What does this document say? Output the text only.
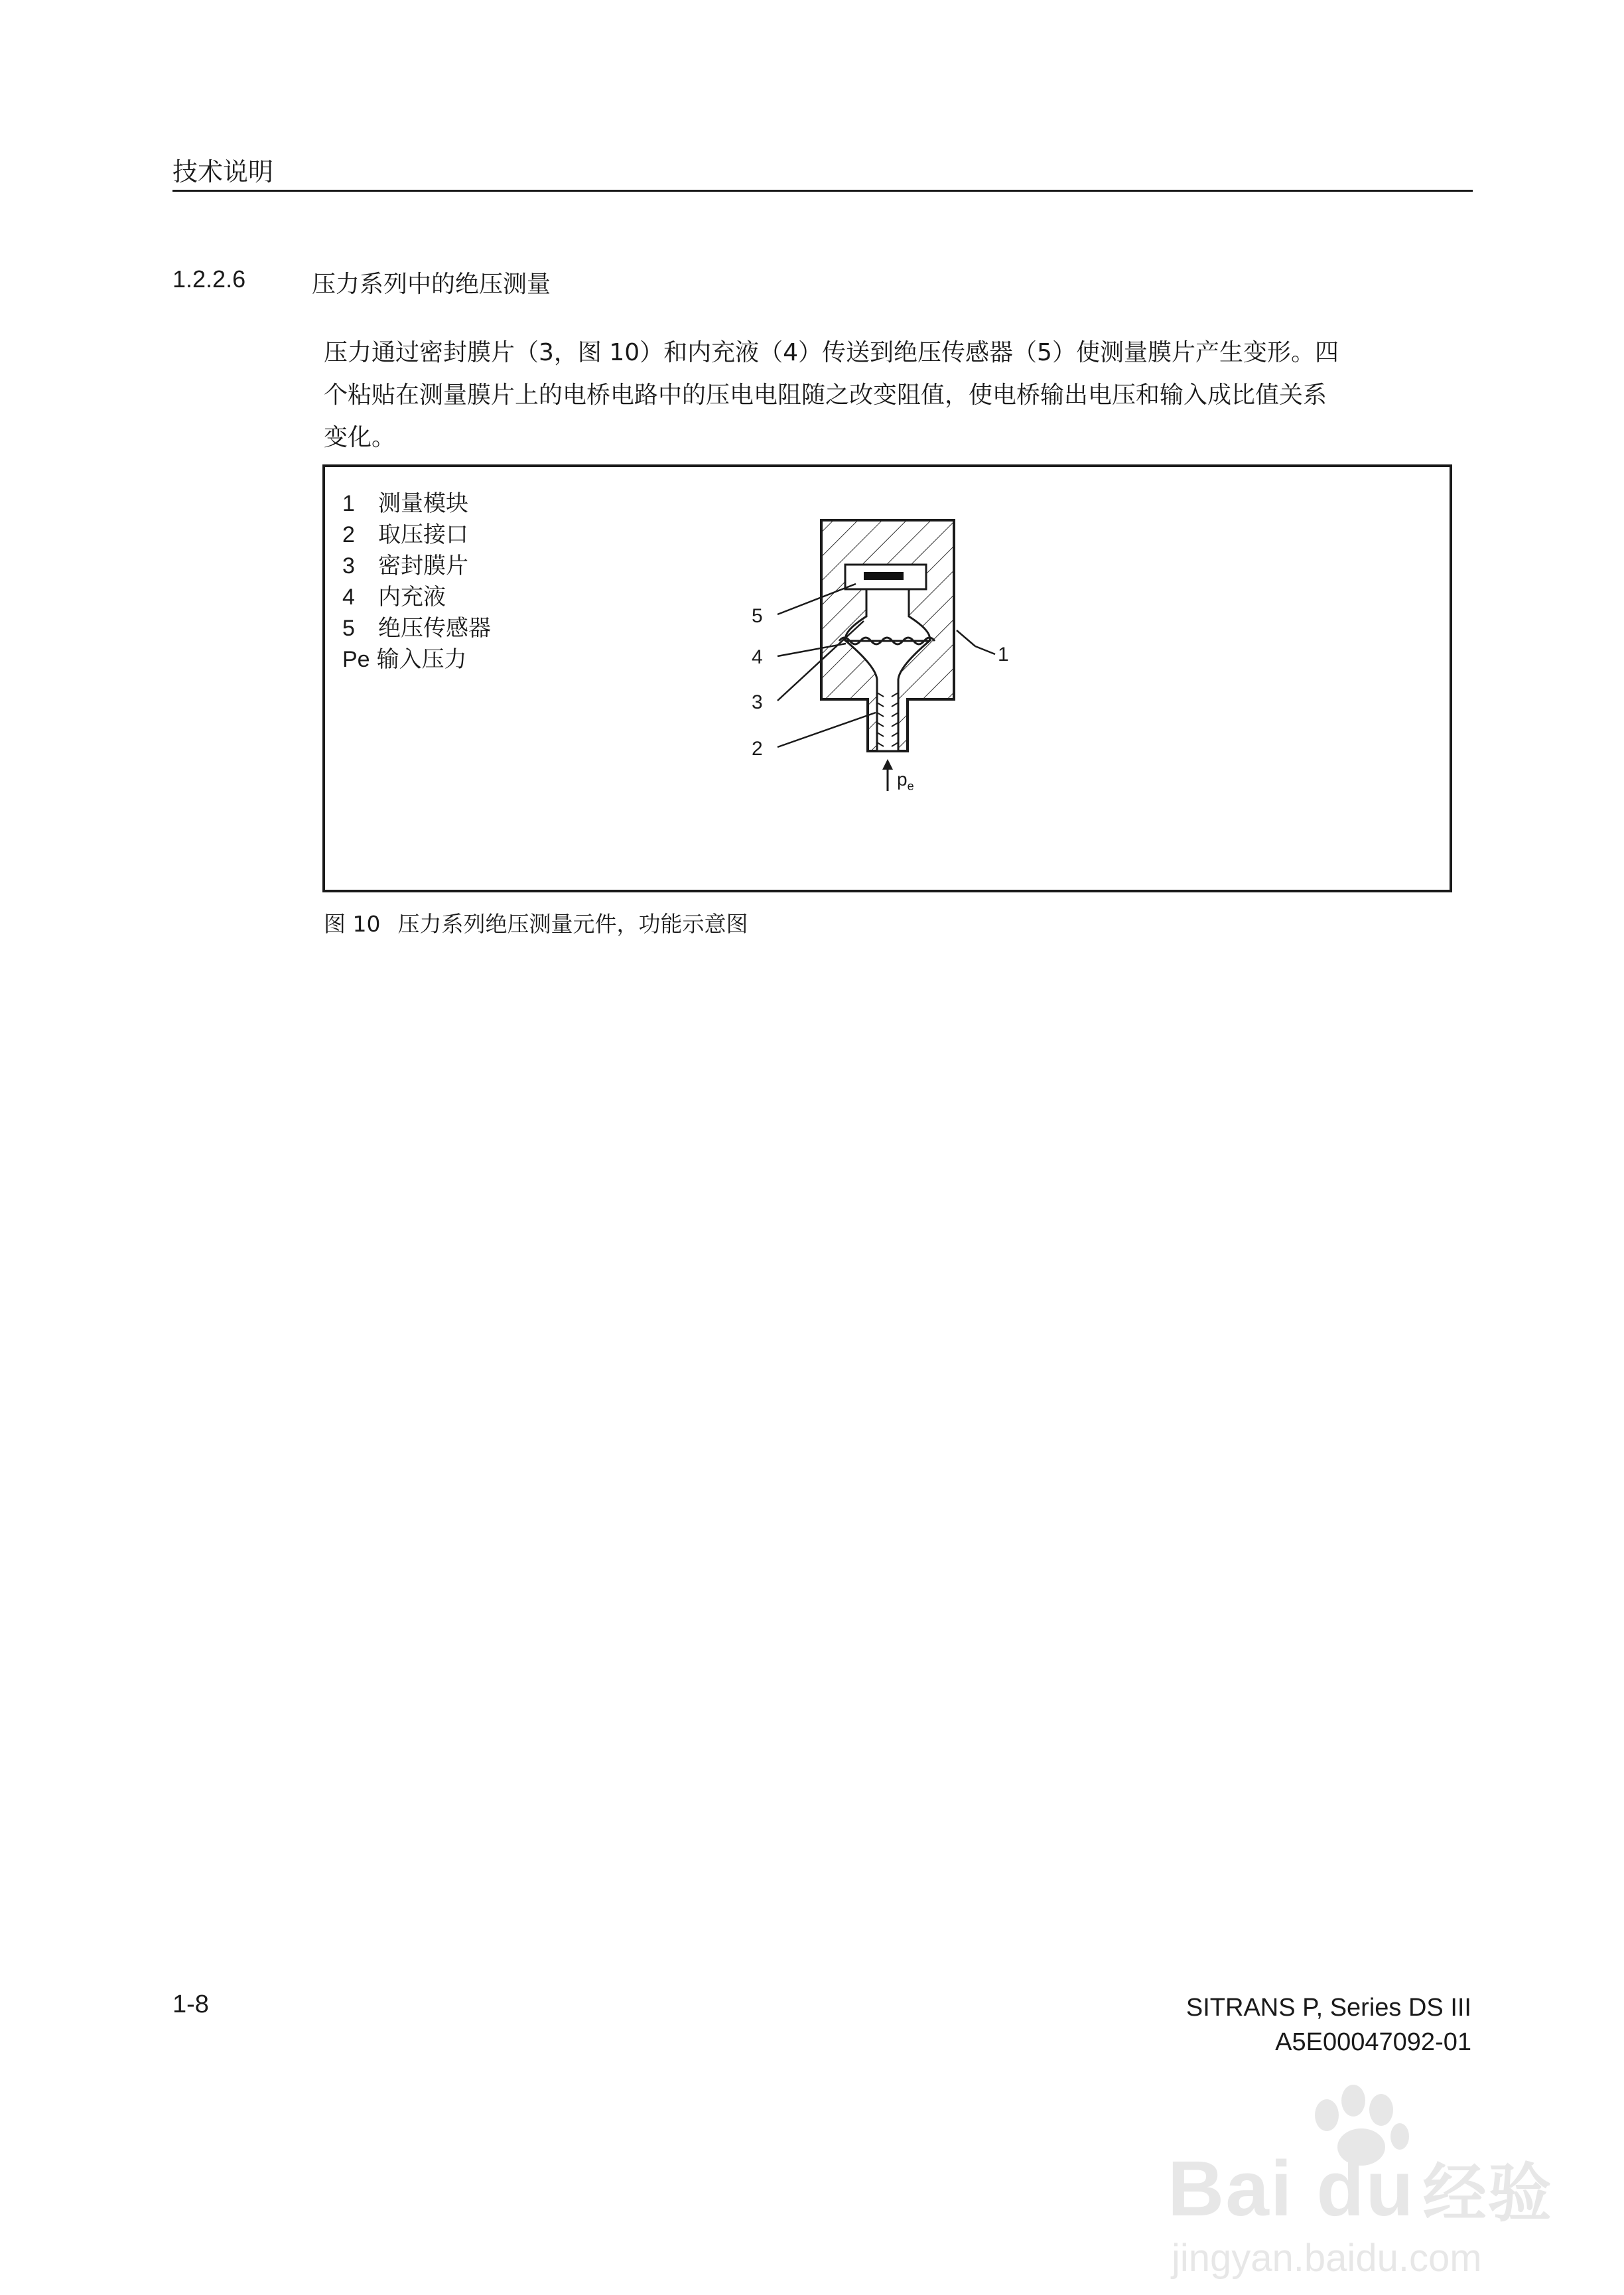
技术说明
1.2.2.6	压力系列中的绝压测量
压力通过密封膜片（3，图 10）和内充液（4）传送到绝压传感器（5）使测量膜片产生变形。四
个粘贴在测量膜片上的电桥电路中的压电电阻随之改变阻值，使电桥输出电压和输入成比值关系
变化。
1	测量模块
2	取压接口
3	密封膜片
4	内充液
5	绝压传感器
Pe 输入压力
5
4
3
2
1
$p_e$
图 10 压力系列绝压测量元件，功能示意图
1-8	SITRANS P, Series DS III
A5E00047092-01
Bai du 经验
jingyan.baidu.com
